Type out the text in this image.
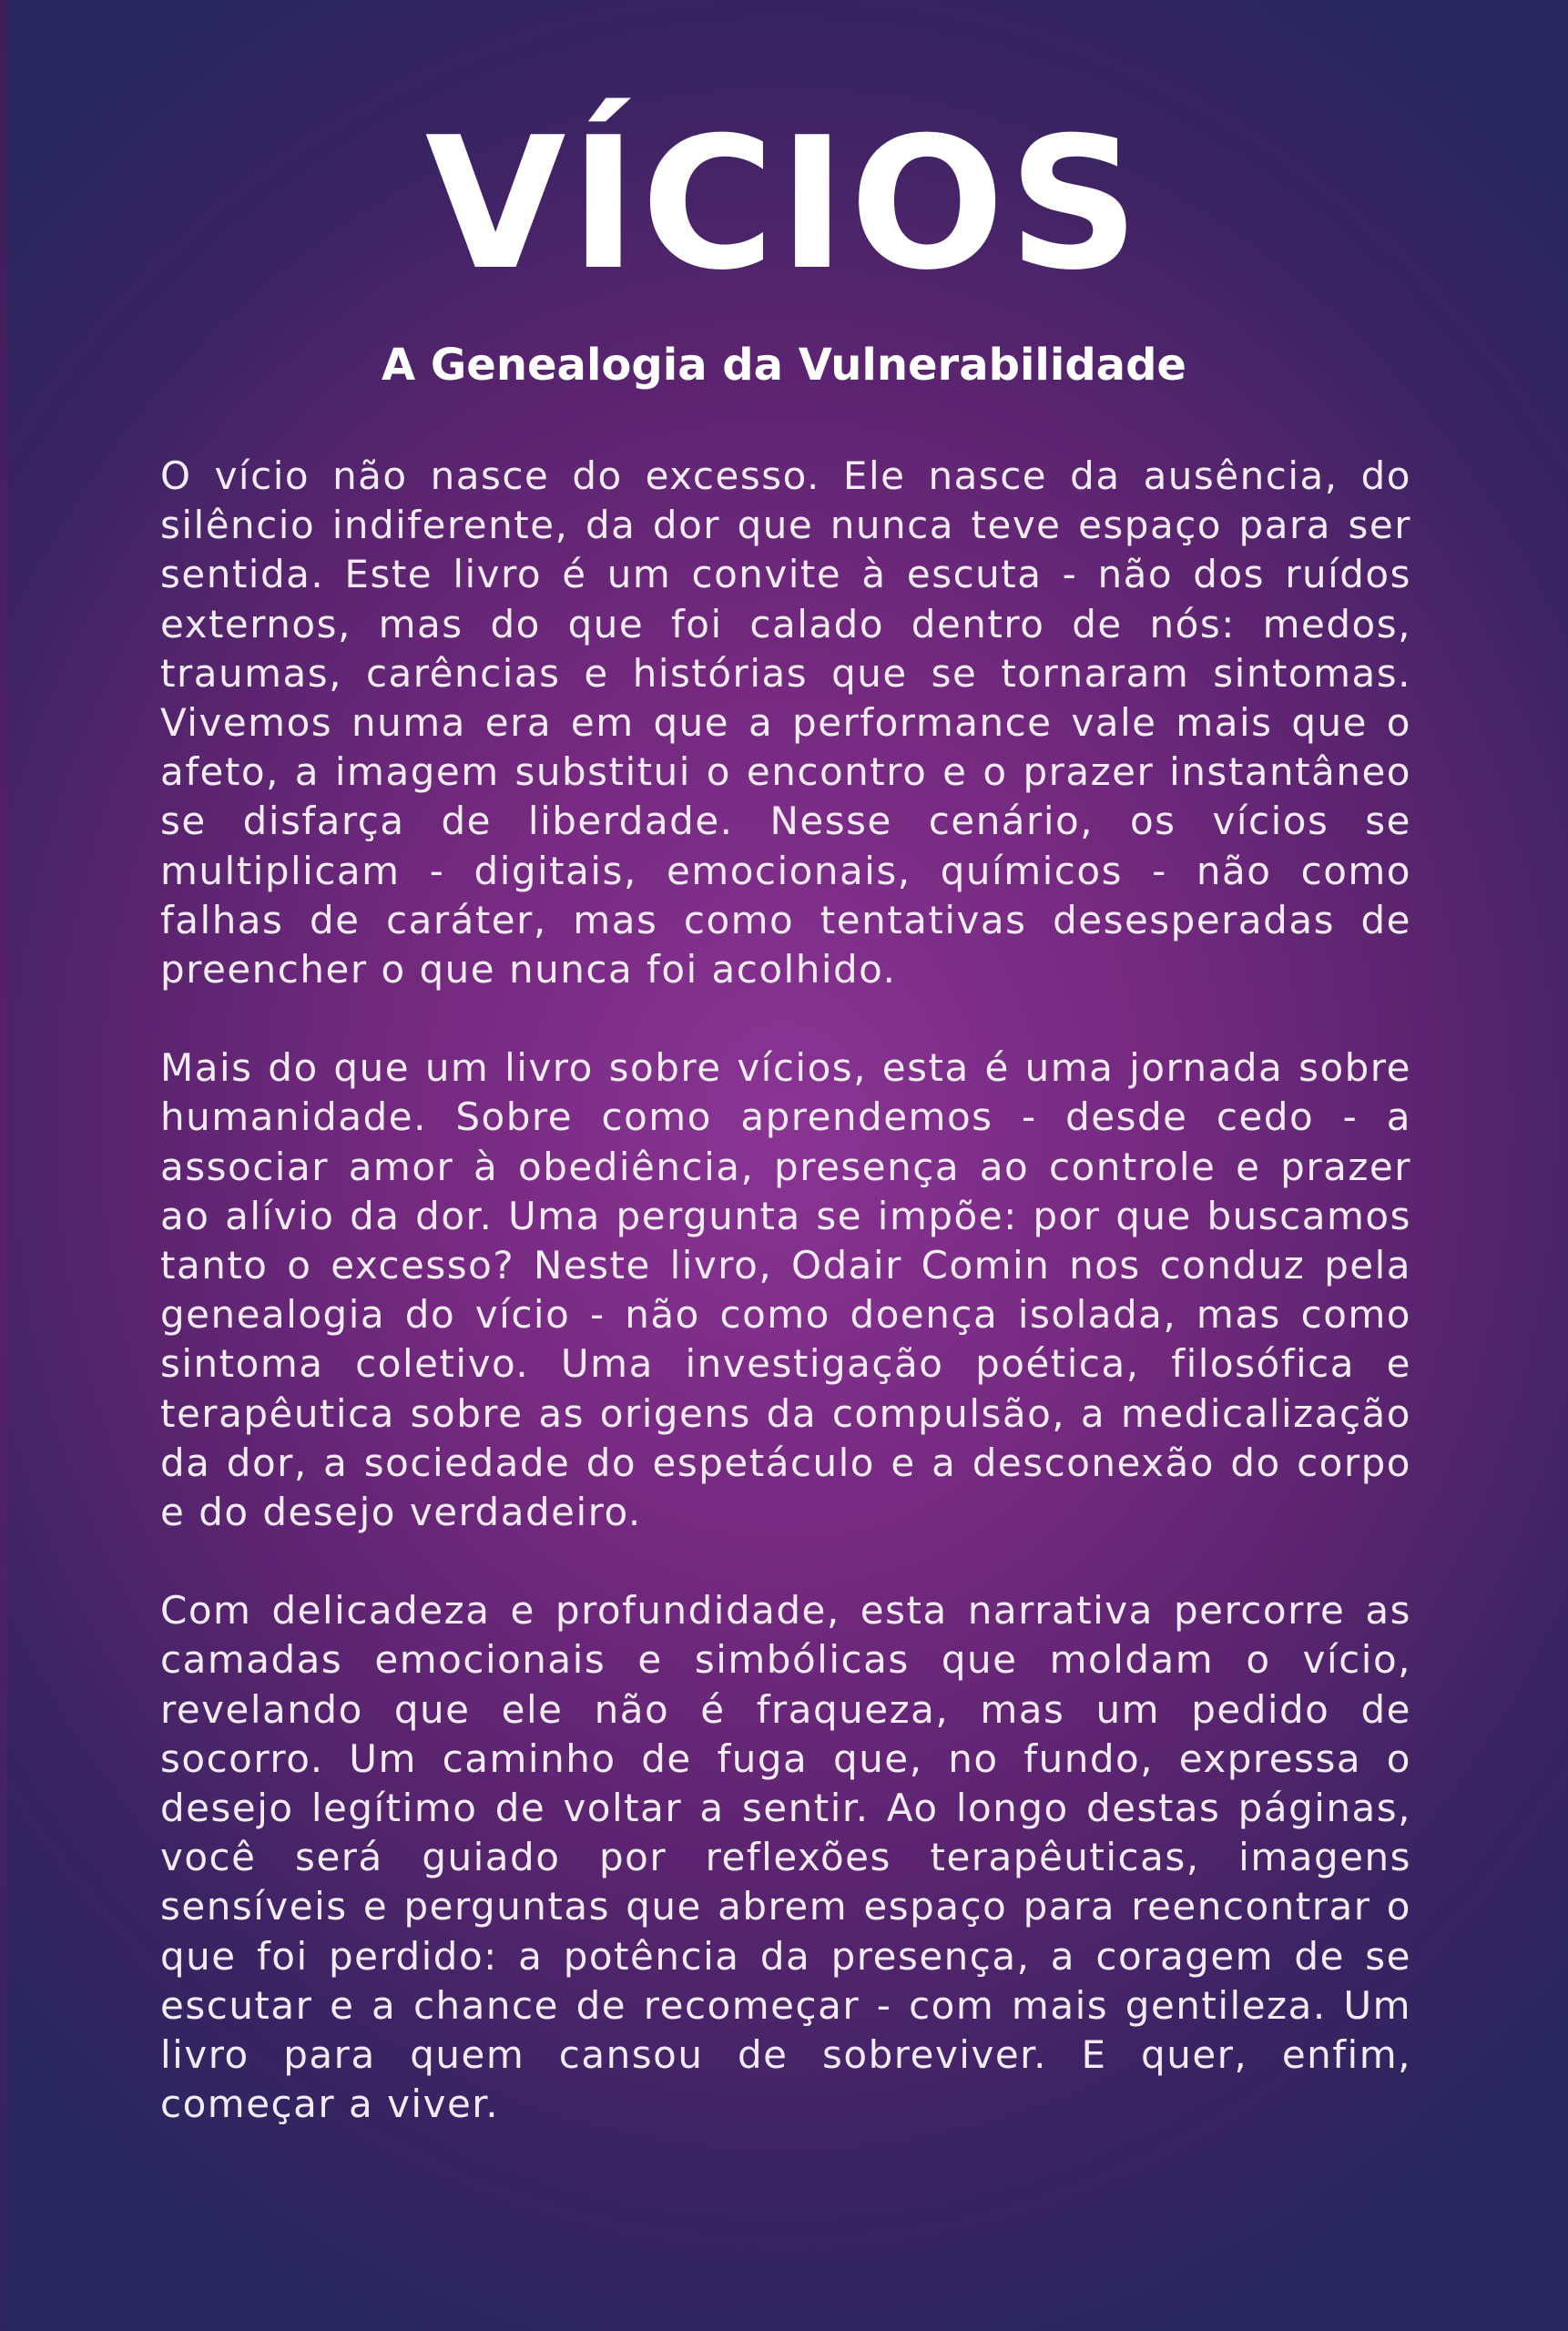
VÍCIOS
A Genealogia da Vulnerabilidade

O vício não nasce do excesso. Ele nasce da ausência, do silêncio indiferente, da dor que nunca teve espaço para ser sentida. Este livro é um convite à escuta - não dos ruídos externos, mas do que foi calado dentro de nós: medos, traumas, carências e histórias que se tornaram sintomas. Vivemos numa era em que a performance vale mais que o afeto, a imagem substitui o encontro e o prazer instantâneo se disfarça de liberdade. Nesse cenário, os vícios se multiplicam - digitais, emocionais, químicos - não como falhas de caráter, mas como tentativas desesperadas de preencher o que nunca foi acolhido.

Mais do que um livro sobre vícios, esta é uma jornada sobre humanidade. Sobre como aprendemos - desde cedo - a associar amor à obediência, presença ao controle e prazer ao alívio da dor. Uma pergunta se impõe: por que buscamos tanto o excesso? Neste livro, Odair Comin nos conduz pela genealogia do vício - não como doença isolada, mas como sintoma coletivo. Uma investigação poética, filosófica e terapêutica sobre as origens da compulsão, a medicalização da dor, a sociedade do espetáculo e a desconexão do corpo e do desejo verdadeiro.

Com delicadeza e profundidade, esta narrativa percorre as camadas emocionais e simbólicas que moldam o vício, revelando que ele não é fraqueza, mas um pedido de socorro. Um caminho de fuga que, no fundo, expressa o desejo legítimo de voltar a sentir. Ao longo destas páginas, você será guiado por reflexões terapêuticas, imagens sensíveis e perguntas que abrem espaço para reencontrar o que foi perdido: a potência da presença, a coragem de se escutar e a chance de recomeçar - com mais gentileza. Um livro para quem cansou de sobreviver. E quer, enfim, começar a viver.
